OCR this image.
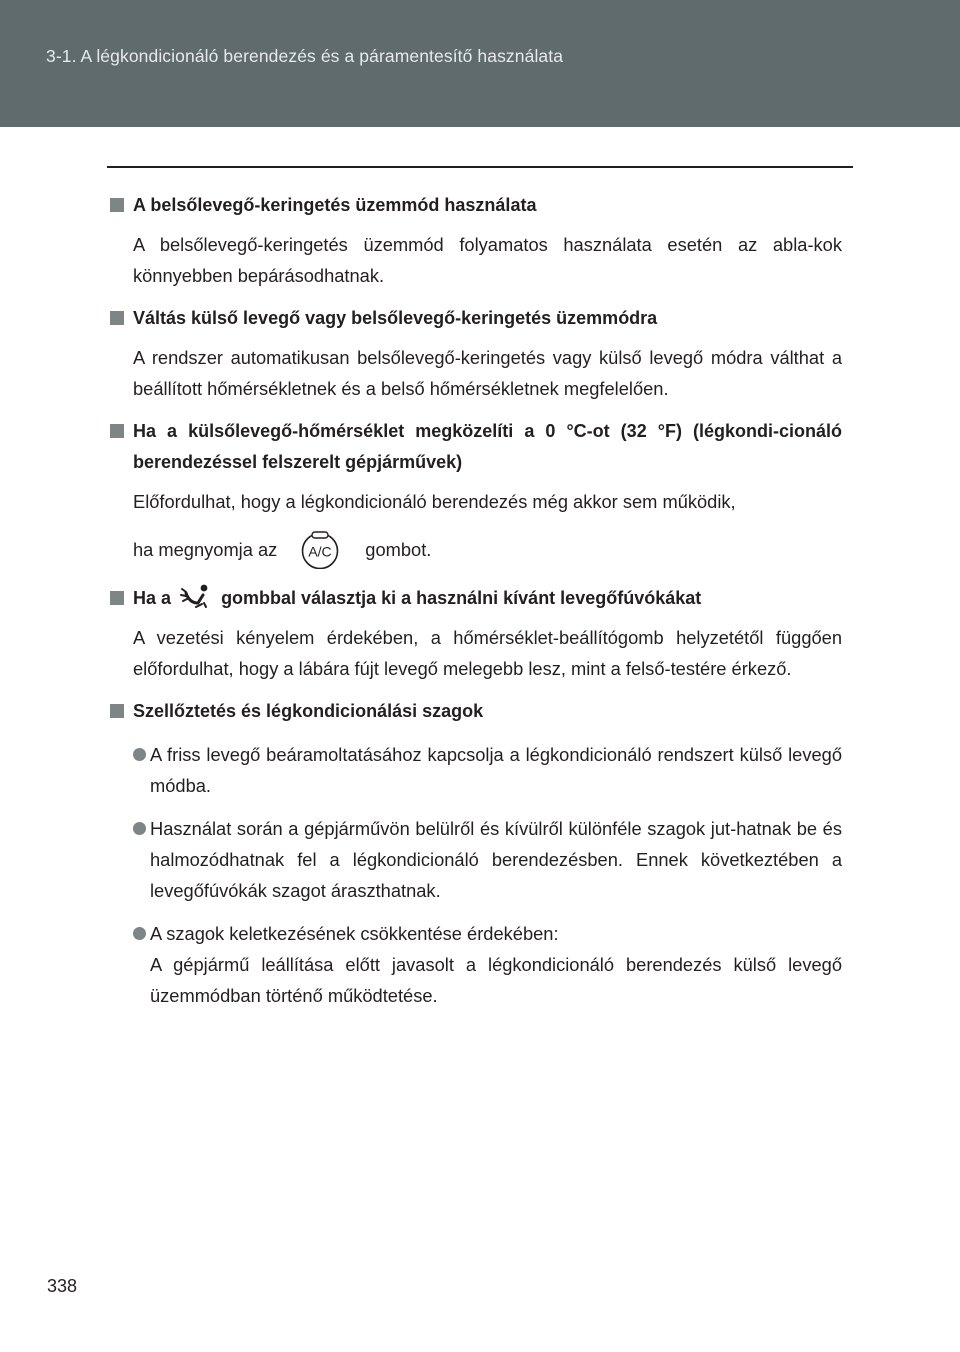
3-1. A légkondicionáló berendezés és a páramentesítő használata
A belsőlevegő-keringetés üzemmód használata
A belsőlevegő-keringetés üzemmód folyamatos használata esetén az abla-kok könnyebben bepárásodhatnak.
Váltás külső levegő vagy belsőlevegő-keringetés üzemmódra
A rendszer automatikusan belsőlevegő-keringetés vagy külső levegő módra válthat a beállított hőmérsékletnek és a belső hőmérsékletnek megfelelően.
Ha a külsőlevegő-hőmérséklet megközelíti a 0 °C-ot (32 °F) (légkondi-cionáló berendezéssel felszerelt gépjárművek)
Előfordulhat, hogy a légkondicionáló berendezés még akkor sem működik,
ha megnyomja az A/C gombot.
Ha a	gombbal választja ki a használni kívánt levegőfúvókákat
A vezetési kényelem érdekében, a hőmérséklet-beállítógomb helyzetétől függően előfordulhat, hogy a lábára fújt levegő melegebb lesz, mint a felső-testére érkező.
Szellőztetés és légkondicionálási szagok
A friss levegő beáramoltatásához kapcsolja a légkondicionáló rendszert külső levegő módba.
Használat során a gépjárművön belülről és kívülről különféle szagok jut-hatnak be és halmozódhatnak fel a légkondicionáló berendezésben. Ennek következtében a levegőfúvókák szagot áraszthatnak.
A szagok keletkezésének csökkentése érdekében:
A gépjármű leállítása előtt javasolt a légkondicionáló berendezés külső levegő üzemmódban történő működtetése.
338
